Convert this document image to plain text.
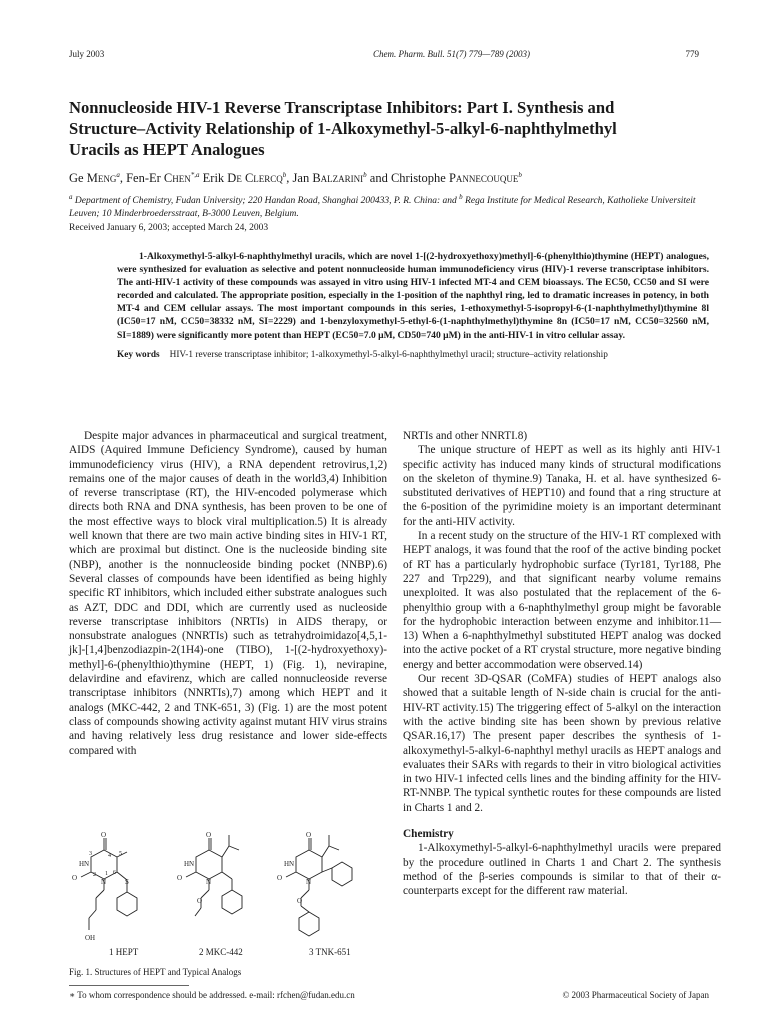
July 2003	Chem. Pharm. Bull. 51(7) 779—789 (2003)	779
Nonnucleoside HIV-1 Reverse Transcriptase Inhibitors: Part I. Synthesis and Structure–Activity Relationship of 1-Alkoxymethyl-5-alkyl-6-naphthylmethyl Uracils as HEPT Analogues
Ge Meng$^a$, Fen-Er Chen$^{*,a}$ Erik De Clercq$^b$, Jan Balzarini$^b$ and Christophe Pannecouque$^b$
$^a$ Department of Chemistry, Fudan University; 220 Handan Road, Shanghai 200433, P. R. China: and $^b$ Rega Institute for Medical Research, Katholieke Universiteit Leuven; 10 Minderbroedersstraat, B-3000 Leuven, Belgium.
Received January 6, 2003; accepted March 24, 2003

1-Alkoxymethyl-5-alkyl-6-naphthylmethyl uracils, which are novel 1-[(2-hydroxyethoxy)methyl]-6-(phenylthio)thymine (HEPT) analogues, were synthesized for evaluation as selective and potent nonnucleoside human immunodeficiency virus (HIV)-1 reverse transcriptase inhibitors. The anti-HIV-1 activity of these compounds was assayed in vitro using HIV-1 infected MT-4 and CEM bioassays. The EC50, CC50 and SI were recorded and calculated. The appropriate position, especially in the 1-position of the naphthyl ring, led to dramatic increases in potency, in both MT-4 and CEM cellular assays. The most important compounds in this series, 1-ethoxymethyl-5-isopropyl-6-(1-naphthylmethyl)thymine 8l (IC50=17 nM, CC50=38332 nM, SI=2229) and 1-benzyloxymethyl-5-ethyl-6-(1-naphthylmethyl)thymine 8n (IC50=17 nM, CC50=32560 nM, SI=1889) were significantly more potent than HEPT (EC50=7.0 μM, CD50=740 μM) in the anti-HIV-1 in vitro cellular assay.

Key words HIV-1 reverse transcriptase inhibitor; 1-alkoxymethyl-5-alkyl-6-naphthylmethyl uracil; structure–activity relationship

Despite major advances in pharmaceutical and surgical treatment, AIDS (Aquired Immune Deficiency Syndrome), caused by human immunodeficiency virus (HIV), a RNA dependent retrovirus,1,2) remains one of the major causes of death in the world3,4) Inhibition of reverse transcriptase (RT), the HIV-encoded polymerase which directs both RNA and DNA synthesis, has been proven to be one of the most effective ways to block viral multiplication.5) It is already well known that there are two main active binding sites in HIV-1 RT, which are proximal but distinct. One is the nucleoside binding site (NBP), another is the nonnucleoside binding pocket (NNBP).6) Several classes of compounds have been identified as being highly specific RT inhibitors, which included either substrate analogues such as AZT, DDC and DDI, which are currently used as nucleoside reverse transcriptase inhibitors (NRTIs) in AIDS therapy, or nonsubstrate analogues (NNRTIs) such as tetrahydroimidazo[4,5,1-jk]-[1,4]benzodiazpin-2(1H4)-one (TIBO), 1-[(2-hydroxyethoxy)-methyl]-6-(phenylthio)thymine (HEPT, 1) (Fig. 1), nevirapine, delavirdine and efavirenz, which are called nonnucleoside reverse transcriptase inhibitors (NNRTIs),7) among which HEPT and it analogs (MKC-442, 2 and TNK-651, 3) (Fig. 1) are the most potent class of compounds showing activity against mutant HIV virus strains and having relatively less drug resistance and lower side-effects compared with

NRTIs and other NNRTI.8)

The unique structure of HEPT as well as its highly anti HIV-1 specific activity has induced many kinds of structural modifications on the skeleton of thymine.9) Tanaka, H. et al. have synthesized 6-substituted derivatives of HEPT10) and found that a ring structure at the 6-position of the pyrimidine moiety is an important determinant for the anti-HIV activity.

In a recent study on the structure of the HIV-1 RT complexed with HEPT analogs, it was found that the roof of the active binding pocket of RT has a particularly hydrophobic surface (Tyr181, Tyr188, Phe 227 and Trp229), and that significant nearby volume remains unexploited. It was also postulated that the replacement of the 6-phenylthio group with a 6-naphthylmethyl group might be favorable for the hydrophobic interaction between enzyme and inhibitor.11—13) When a 6-naphthylmethyl substituted HEPT analog was docked into the active pocket of a RT crystal structure, more negative binding energy and better accommodation were observed.14)

Our recent 3D-QSAR (CoMFA) studies of HEPT analogs also showed that a suitable length of N-side chain is crucial for the anti-HIV-RT activity.15) The triggering effect of 5-alkyl on the interaction with the active binding site has been shown by previous relative QSAR.16,17) The present paper describes the synthesis of 1-alkoxymethyl-5-alkyl-6-naphthyl methyl uracils as HEPT analogs and evaluates their SARs with regards to their in vitro biological activities in two HIV-1 infected cells lines and the binding affinity for the HIV-RT-NNBP. The typical synthetic routes for these compounds are listed in Charts 1 and 2.

Chemistry

1-Alkoxymethyl-5-alkyl-6-naphthylmethyl uracils were prepared by the procedure outlined in Charts 1 and Chart 2. The synthesis method of the β-series compounds is similar to that of their α-counterparts except for the different raw material.

O
HN
O	N	S
OH
3	4 5
6
1
2
O
HN
O	N
O
O
HN
O	N
O
1 HEPT	2 MKC-442	3 TNK-651
Fig. 1. Structures of HEPT and Typical Analogs
∗ To whom correspondence should be addressed. e-mail: rfchen@fudan.edu.cn	© 2003 Pharmaceutical Society of Japan
